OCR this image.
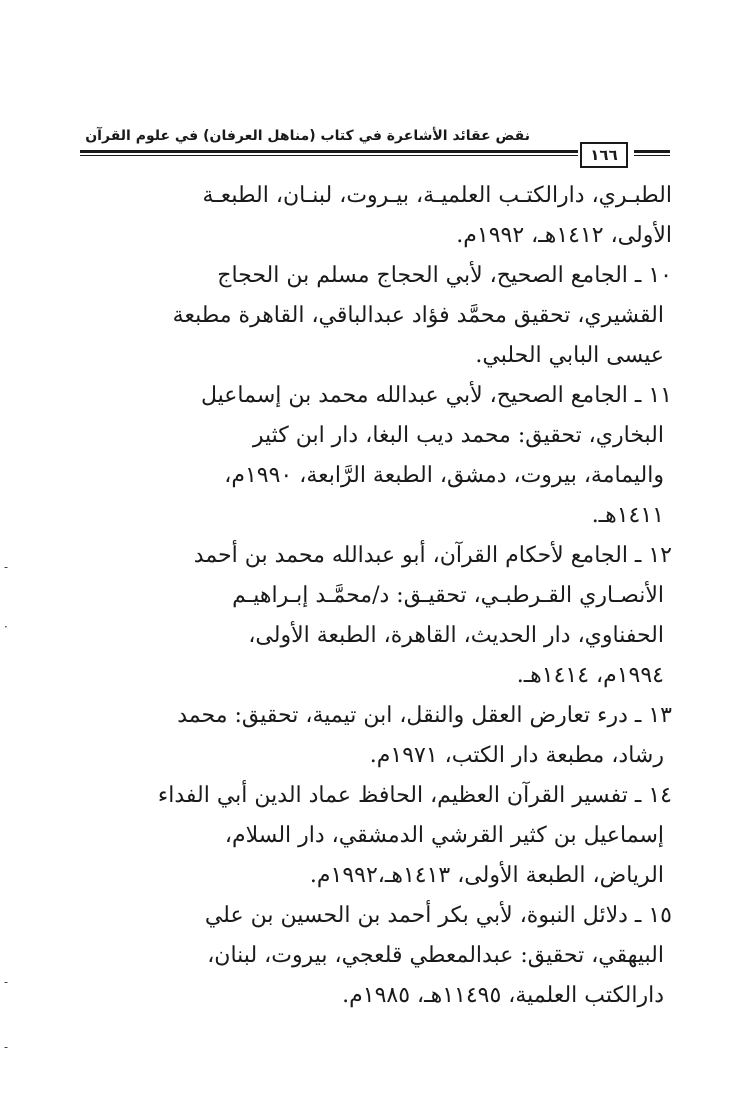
نقض عقائد الأشاعرة في كتاب (مناهل العرفان) في علوم القرآن
١٦٦
الطبـري، دارالكتـب العلميـة، بيـروت، لبنـان، الطبعـة
الأولى، ١٤١٢هـ، ١٩٩٢م.
١٠ ـ الجامع الصحيح، لأبي الحجاج مسلم بن الحجاج
القشيري، تحقيق محمَّد فؤاد عبدالباقي، القاهرة مطبعة
عيسى البابي الحلبي.
١١ ـ الجامع الصحيح، لأبي عبدالله محمد بن إسماعيل
البخاري، تحقيق: محمد ديب البغا، دار ابن كثير
واليمامة، بيروت، دمشق، الطبعة الرَّابعة، ١٩٩٠م،
١٤١١هـ.
١٢ ـ الجامع لأحكام القرآن، أبو عبدالله محمد بن أحمد
الأنصـاري القـرطبـي، تحقيـق: د/محمَّـد إبـراهيـم
الحفناوي، دار الحديث، القاهرة، الطبعة الأولى،
١٩٩٤م، ١٤١٤هـ.
١٣ ـ درء تعارض العقل والنقل، ابن تيمية، تحقيق: محمد
رشاد، مطبعة دار الكتب، ١٩٧١م.
١٤ ـ تفسير القرآن العظيم، الحافظ عماد الدين أبي الفداء
إسماعيل بن كثير القرشي الدمشقي، دار السلام،
الرياض، الطبعة الأولى، ١٤١٣هـ،١٩٩٢م.
١٥ ـ دلائل النبوة، لأبي بكر أحمد بن الحسين بن علي
البيهقي، تحقيق: عبدالمعطي قلعجي، بيروت، لبنان،
دارالكتب العلمية، ١١٤٩٥هـ، ١٩٨٥م.
-
·
-
-
